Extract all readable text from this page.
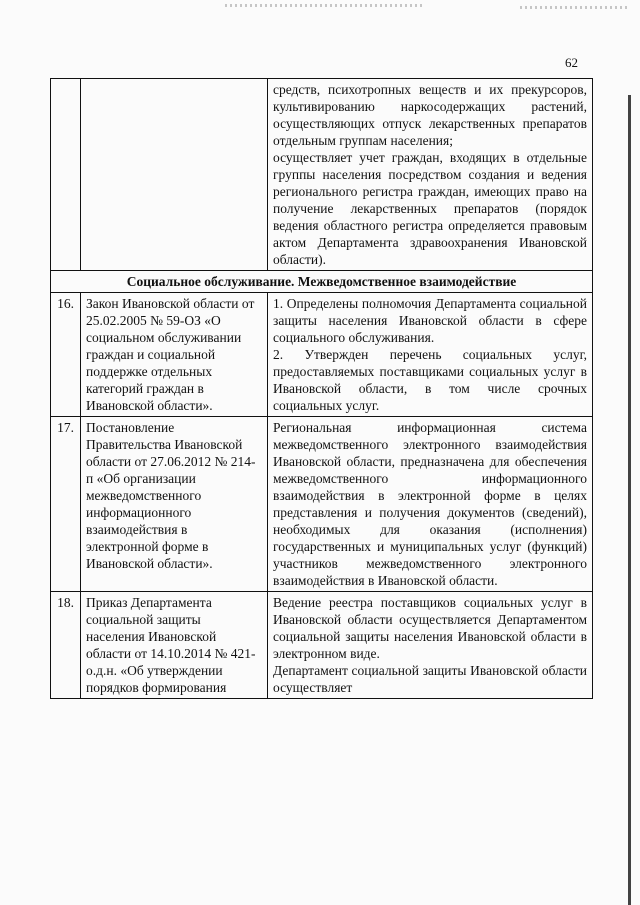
62

		средств, психотропных веществ и их прекурсоров, культивированию наркосодержащих растений, осуществляющих отпуск лекарственных препаратов отдельным группам населения;

осуществляет учет граждан, входящих в отдельные группы населения посредством создания и ведения регионального регистра граждан, имеющих право на получение лекарственных препаратов (порядок ведения областного регистра определяется правовым актом Департамента здравоохранения Ивановской области).

Социальное обслуживание. Межведомственное взаимодействие		
16.	Закон Ивановской области от 25.02.2005 № 59-ОЗ «О социальном обслуживании граждан и социальной поддержке отдельных категорий граждан в Ивановской области».	1. Определены полномочия Департамента социальной защиты населения Ивановской области в сфере социального обслуживания.

2. Утвержден перечень социальных услуг, предоставляемых поставщиками социальных услуг в Ивановской области, в том числе срочных социальных услуг.

17.	Постановление Правительства Ивановской области от 27.06.2012 № 214-п «Об организации межведомственного информационного взаимодействия в электронной форме в Ивановской области».	Региональная информационная система межведомственного электронного взаимодействия Ивановской области, предназначена для обеспечения межведомственного информационного взаимодействия в электронной форме в целях представления и получения документов (сведений), необходимых для оказания (исполнения) государственных и муниципальных услуг (функций) участников межведомственного электронного взаимодействия в Ивановской области.

18.	Приказ Департамента социальной защиты населения Ивановской области от 14.10.2014 № 421-о.д.н. «Об утверждении порядков формирования	Ведение реестра поставщиков социальных услуг в Ивановской области осуществляется Департаментом социальной защиты населения Ивановской области в электронном виде.

Департамент социальной защиты Ивановской области осуществляет
